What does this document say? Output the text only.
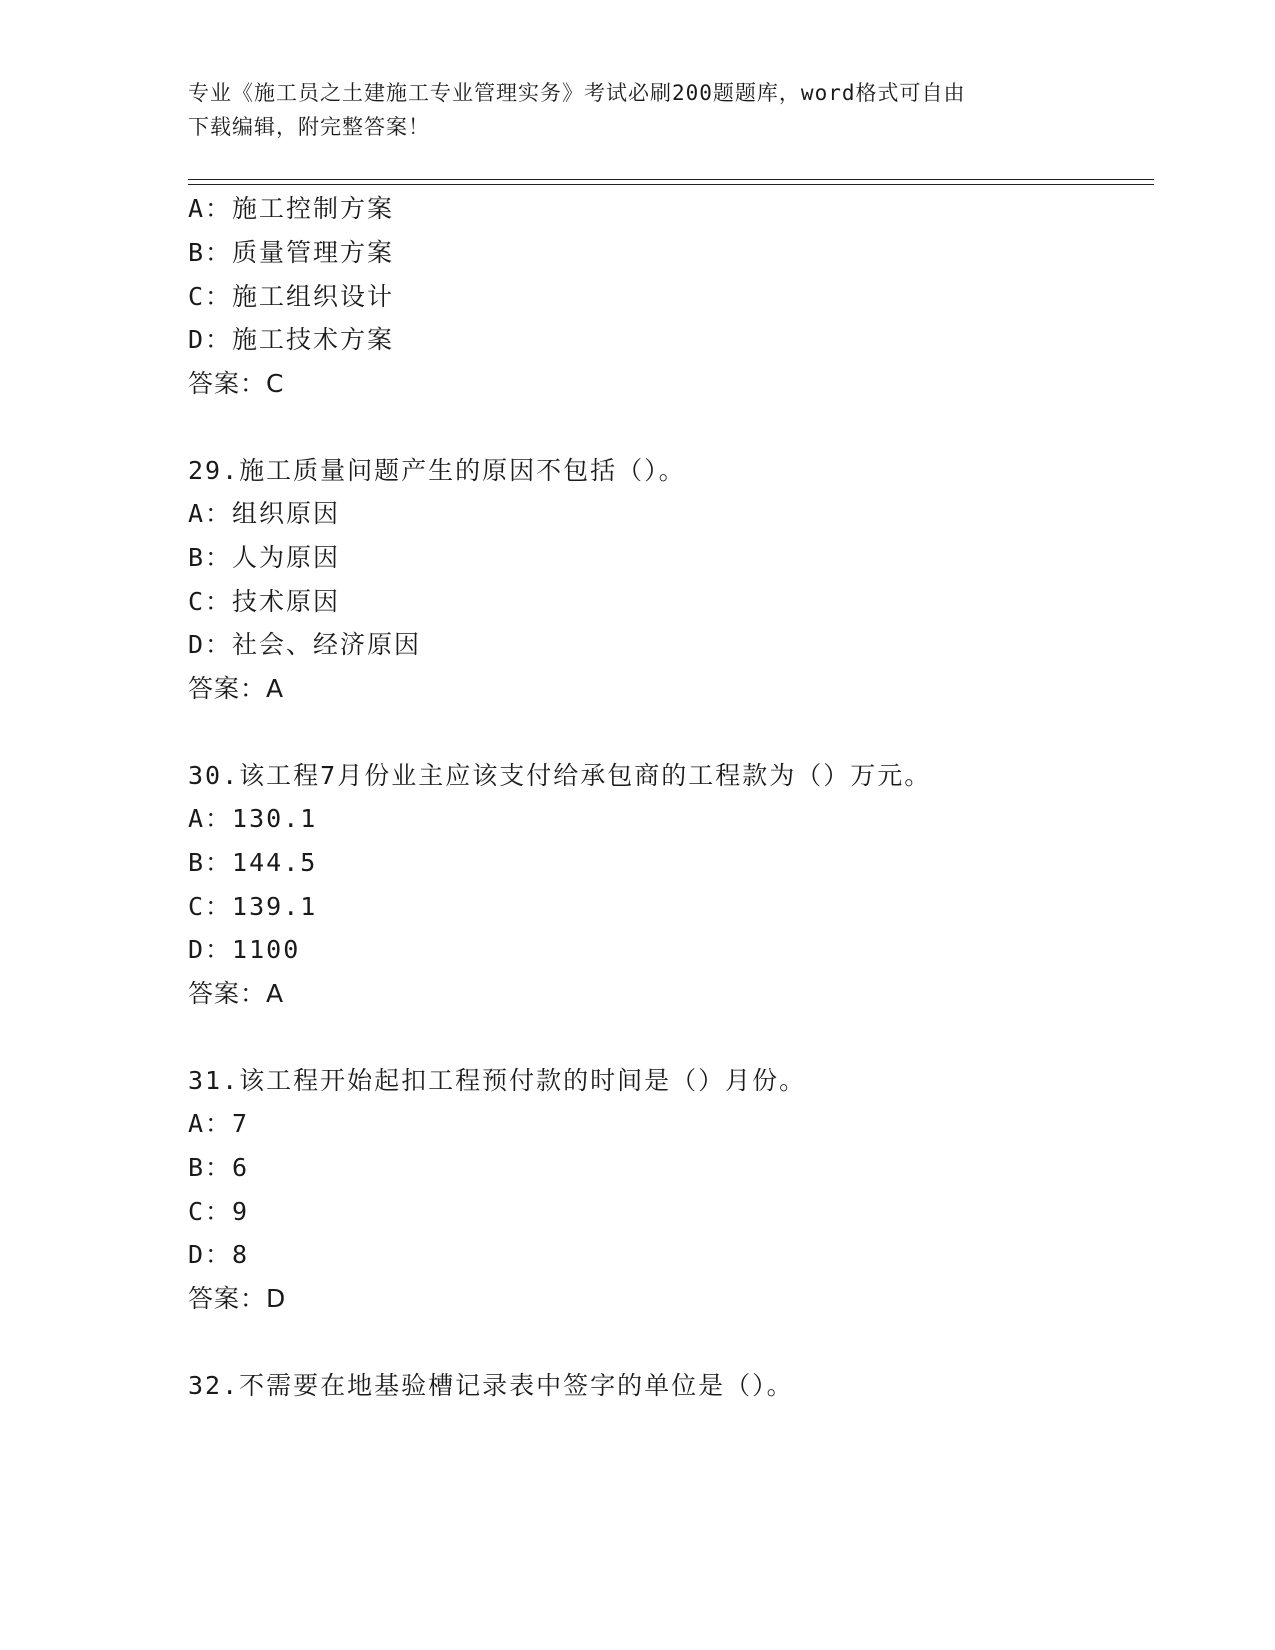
专业《施工员之土建施工专业管理实务》考试必刷200题题库，word格式可自由
下载编辑，附完整答案！
A：施工控制方案
B：质量管理方案
C：施工组织设计
D：施工技术方案
答案：C
29.施工质量问题产生的原因不包括（）。
A：组织原因
B：人为原因
C：技术原因
D：社会、经济原因
答案：A
30.该工程7月份业主应该支付给承包商的工程款为（）万元。
A：130.1
B：144.5
C：139.1
D：1100
答案：A
31.该工程开始起扣工程预付款的时间是（）月份。
A：7
B：6
C：9
D：8
答案：D
32.不需要在地基验槽记录表中签字的单位是（）。
